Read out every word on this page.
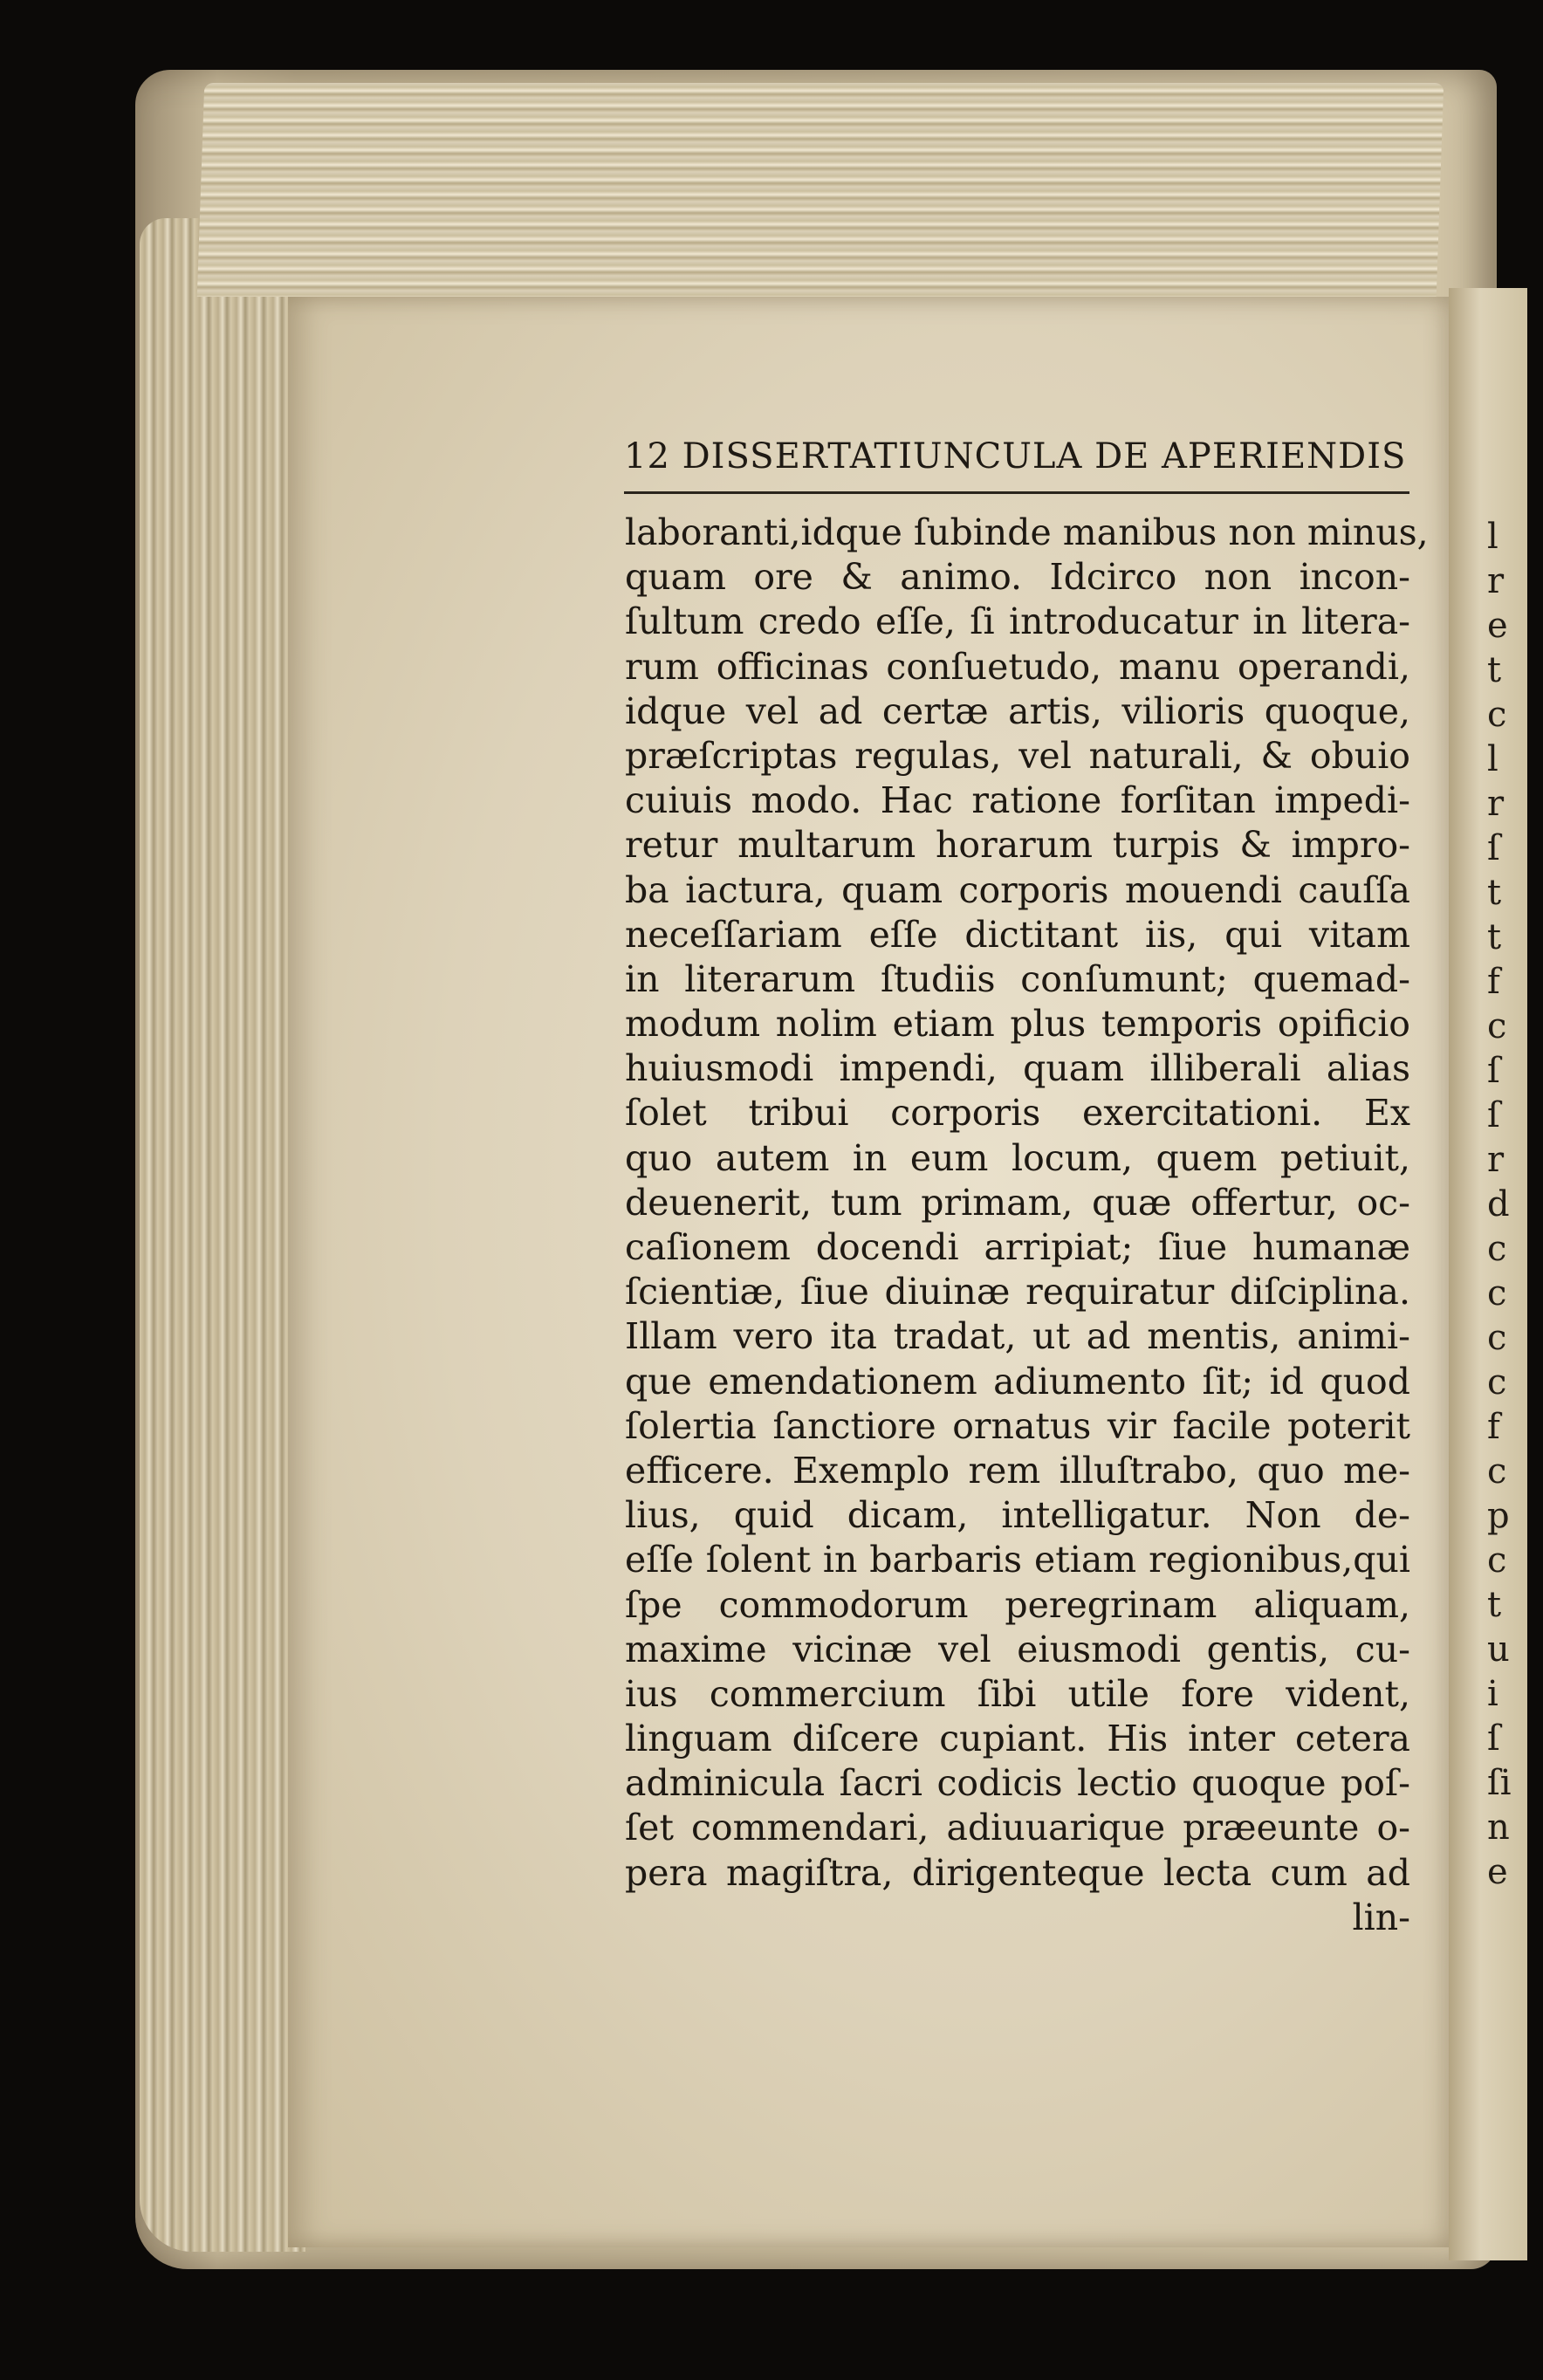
12 DISSERTATIUNCULA DE APERIENDIS
laboranti,idque ſubinde manibus non minus,
quam ore & animo. Idcirco non incon-
ſultum credo eſſe, ſi introducatur in litera-
rum officinas conſuetudo, manu operandi,
idque vel ad certæ artis, vilioris quoque,
præſcriptas regulas, vel naturali, & obuio
cuiuis modo. Hac ratione forſitan impedi-
retur multarum horarum turpis & impro-
ba iactura, quam corporis mouendi cauſſa
neceſſariam eſſe dictitant iis, qui vitam
in literarum ſtudiis conſumunt; quemad-
modum nolim etiam plus temporis opificio
huiusmodi impendi, quam illiberali alias
ſolet tribui corporis exercitationi. Ex
quo autem in eum locum, quem petiuit,
deuenerit, tum primam, quæ offertur, oc-
caſionem docendi arripiat; ſiue humanæ
ſcientiæ, ſiue diuinæ requiratur diſciplina.
Illam vero ita tradat, ut ad mentis, animi-
que emendationem adiumento ſit; id quod
ſolertia ſanctiore ornatus vir facile poterit
efficere. Exemplo rem illuſtrabo, quo me-
lius, quid dicam, intelligatur. Non de-
eſſe ſolent in barbaris etiam regionibus,qui
ſpe commodorum peregrinam aliquam,
maxime vicinæ vel eiusmodi gentis, cu-
ius commercium ſibi utile fore vident,
linguam diſcere cupiant. His inter cetera
adminicula ſacri codicis lectio quoque poſ-
ſet commendari, adiuuarique præeunte o-
pera magiſtra, dirigenteque lecta cum ad
lin-
l
r
e
t
c
l
r
ſ
t
t
f
c
ſ
ſ
r
d
c
c
c
c
f
c
p
c
t
u
i
ſ
ſi
n
e
